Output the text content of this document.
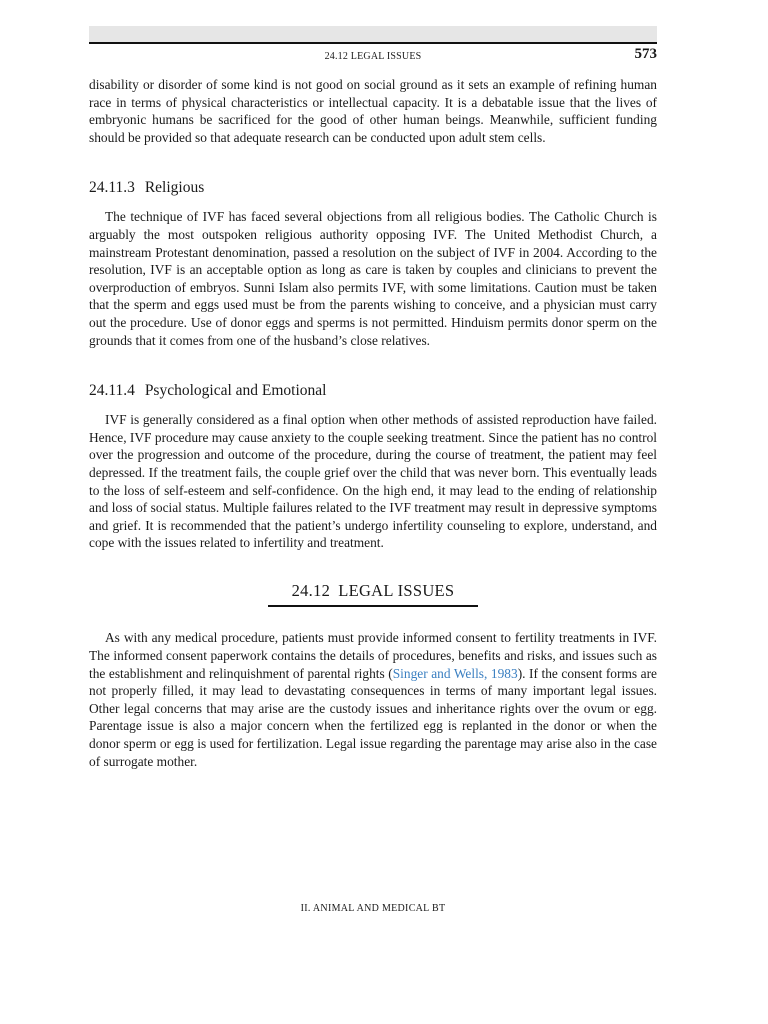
24.12 LEGAL ISSUES	573

disability or disorder of some kind is not good on social ground as it sets an example of refining human race in terms of physical characteristics or intellectual capacity. It is a debatable issue that the lives of embryonic humans be sacrificed for the good of other human beings. Meanwhile, sufficient funding should be provided so that adequate research can be conducted upon adult stem cells.

24.11.3 Religious

The technique of IVF has faced several objections from all religious bodies. The Catholic Church is arguably the most outspoken religious authority opposing IVF. The United Methodist Church, a mainstream Protestant denomination, passed a resolution on the subject of IVF in 2004. According to the resolution, IVF is an acceptable option as long as care is taken by couples and clinicians to prevent the overproduction of embryos. Sunni Islam also permits IVF, with some limitations. Caution must be taken that the sperm and eggs used must be from the parents wishing to conceive, and a physician must carry out the procedure. Use of donor eggs and sperms is not permitted. Hinduism permits donor sperm on the grounds that it comes from one of the husband’s close relatives.

24.11.4 Psychological and Emotional

IVF is generally considered as a final option when other methods of assisted reproduction have failed. Hence, IVF procedure may cause anxiety to the couple seeking treatment. Since the patient has no control over the progression and outcome of the procedure, during the course of treatment, the patient may feel depressed. If the treatment fails, the couple grief over the child that was never born. This eventually leads to the loss of self-esteem and self-confidence. On the high end, it may lead to the ending of relationship and loss of social status. Multiple failures related to the IVF treatment may result in depressive symptoms and grief. It is recommended that the patient’s undergo infertility counseling to explore, understand, and cope with the issues related to infertility and treatment.

24.12 LEGAL ISSUES

As with any medical procedure, patients must provide informed consent to fertility treatments in IVF. The informed consent paperwork contains the details of procedures, benefits and risks, and issues such as the establishment and relinquishment of parental rights (Singer and Wells, 1983). If the consent forms are not properly filled, it may lead to devastating consequences in terms of many important legal issues. Other legal concerns that may arise are the custody issues and inheritance rights over the ovum or egg. Parentage issue is also a major concern when the fertilized egg is replanted in the donor or when the donor sperm or egg is used for fertilization. Legal issue regarding the parentage may arise also in the case of surrogate mother.

II. ANIMAL AND MEDICAL BT
